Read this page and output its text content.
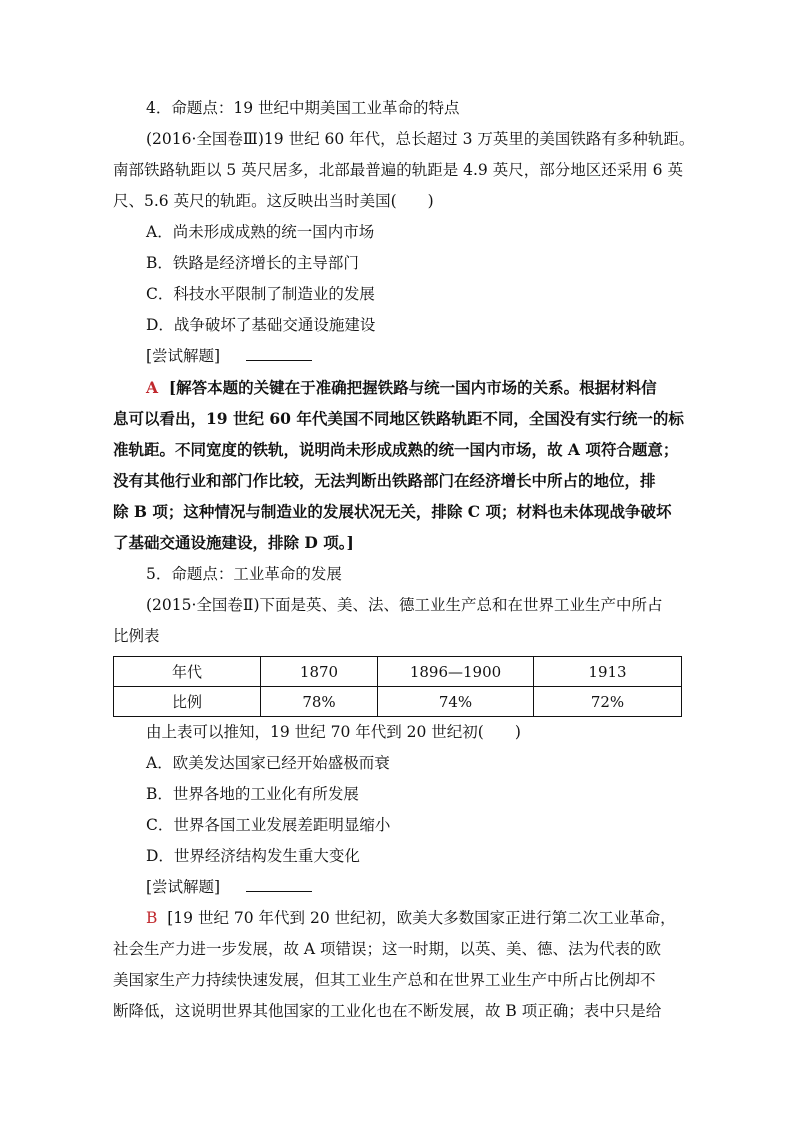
4．命题点：19 世纪中期美国工业革命的特点
(2016·全国卷Ⅲ)19 世纪 60 年代，总长超过 3 万英里的美国铁路有多种轨距。
南部铁路轨距以 5 英尺居多，北部最普遍的轨距是 4.9 英尺，部分地区还采用 6 英
尺、5.6 英尺的轨距。这反映出当时美国(　　)
A．尚未形成成熟的统一国内市场
B．铁路是经济增长的主导部门
C．科技水平限制了制造业的发展
D．战争破坏了基础交通设施建设
[尝试解题]
A [解答本题的关键在于准确把握铁路与统一国内市场的关系。根据材料信
息可以看出，19 世纪 60 年代美国不同地区铁路轨距不同，全国没有实行统一的标
准轨距。不同宽度的铁轨，说明尚未形成成熟的统一国内市场，故 A 项符合题意；
没有其他行业和部门作比较，无法判断出铁路部门在经济增长中所占的地位，排
除 B 项；这种情况与制造业的发展状况无关，排除 C 项；材料也未体现战争破坏
了基础交通设施建设，排除 D 项。]
5．命题点：工业革命的发展
(2015·全国卷Ⅱ)下面是英、美、法、德工业生产总和在世界工业生产中所占
比例表
年代	1870	1896—1900	1913
比例	78%	74%	72%
由上表可以推知，19 世纪 70 年代到 20 世纪初(　　)
A．欧美发达国家已经开始盛极而衰
B．世界各地的工业化有所发展
C．世界各国工业发展差距明显缩小
D．世界经济结构发生重大变化
[尝试解题]
B [19 世纪 70 年代到 20 世纪初，欧美大多数国家正进行第二次工业革命，
社会生产力进一步发展，故 A 项错误；这一时期，以英、美、德、法为代表的欧
美国家生产力持续快速发展，但其工业生产总和在世界工业生产中所占比例却不
断降低，这说明世界其他国家的工业化也在不断发展，故 B 项正确；表中只是给
